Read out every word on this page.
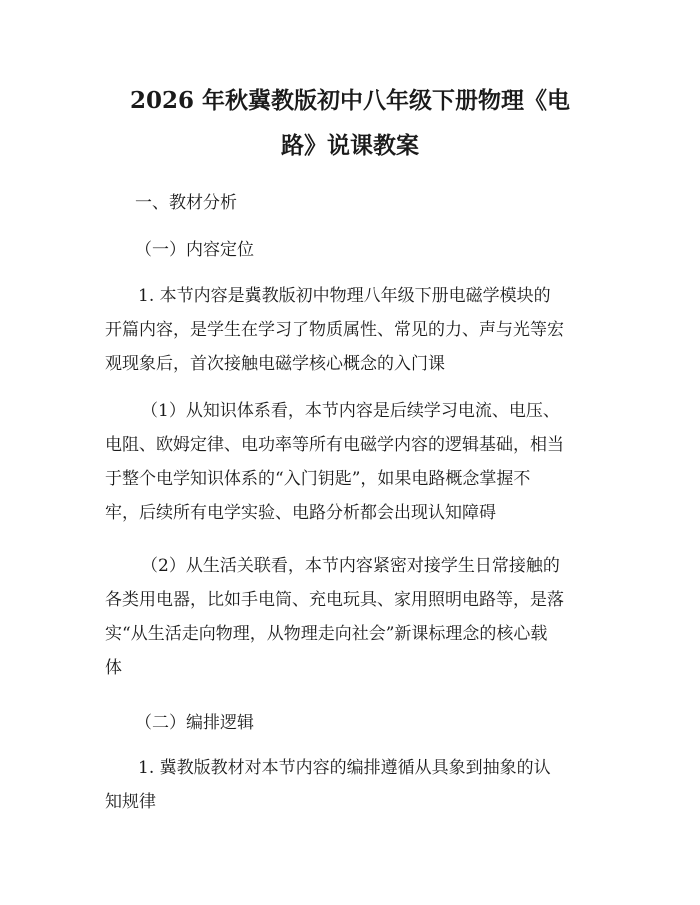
2026 年秋冀教版初中八年级下册物理《电
路》说课教案
一、教材分析
（一）内容定位
1. 本节内容是冀教版初中物理八年级下册电磁学模块的
开篇内容，是学生在学习了物质属性、常见的力、声与光等宏
观现象后，首次接触电磁学核心概念的入门课
（1）从知识体系看，本节内容是后续学习电流、电压、
电阻、欧姆定律、电功率等所有电磁学内容的逻辑基础，相当
于整个电学知识体系的“入门钥匙”，如果电路概念掌握不
牢，后续所有电学实验、电路分析都会出现认知障碍
（2）从生活关联看，本节内容紧密对接学生日常接触的
各类用电器，比如手电筒、充电玩具、家用照明电路等，是落
实“从生活走向物理，从物理走向社会”新课标理念的核心载
体
（二）编排逻辑
1. 冀教版教材对本节内容的编排遵循从具象到抽象的认
知规律
